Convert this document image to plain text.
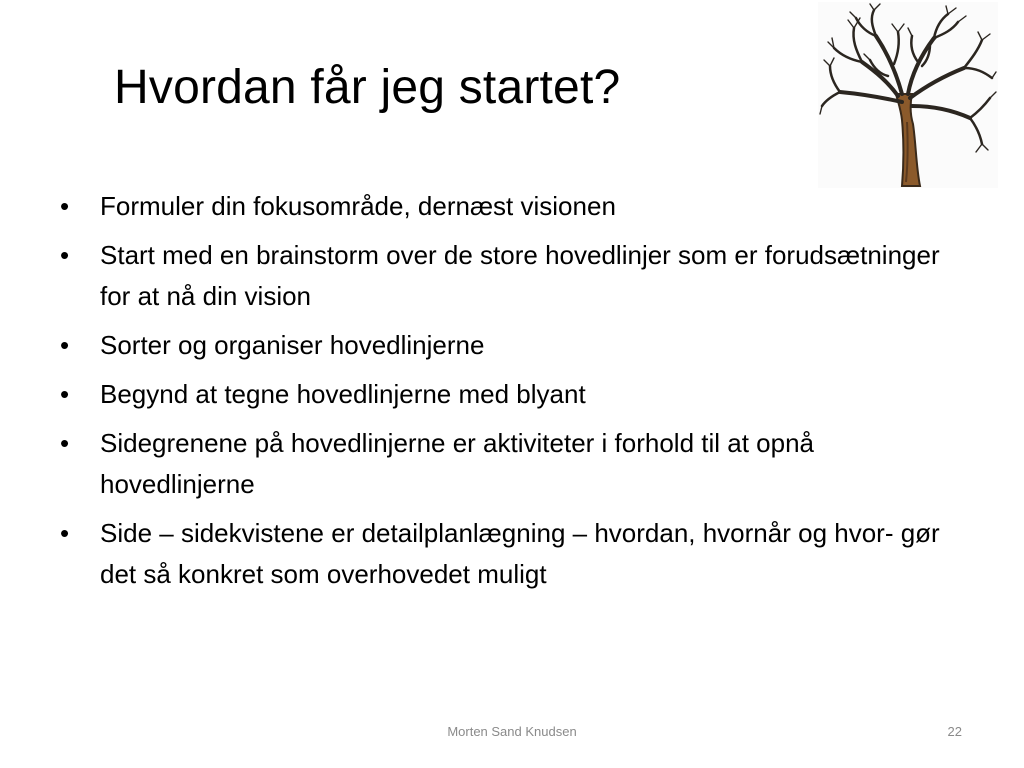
Hvordan får jeg startet?
•	Formuler din fokusområde, dernæst visionen
•	Start med en brainstorm over de store hovedlinjer som er forudsætninger for at nå din vision
•	Sorter og organiser hovedlinjerne
•	Begynd at tegne hovedlinjerne med blyant
•	Sidegrenene på hovedlinjerne er aktiviteter i forhold til at opnå hovedlinjerne
•	Side – sidekvistene er detailplanlægning – hvordan, hvornår og hvor- gør det så konkret som overhovedet muligt
Morten Sand Knudsen	22
